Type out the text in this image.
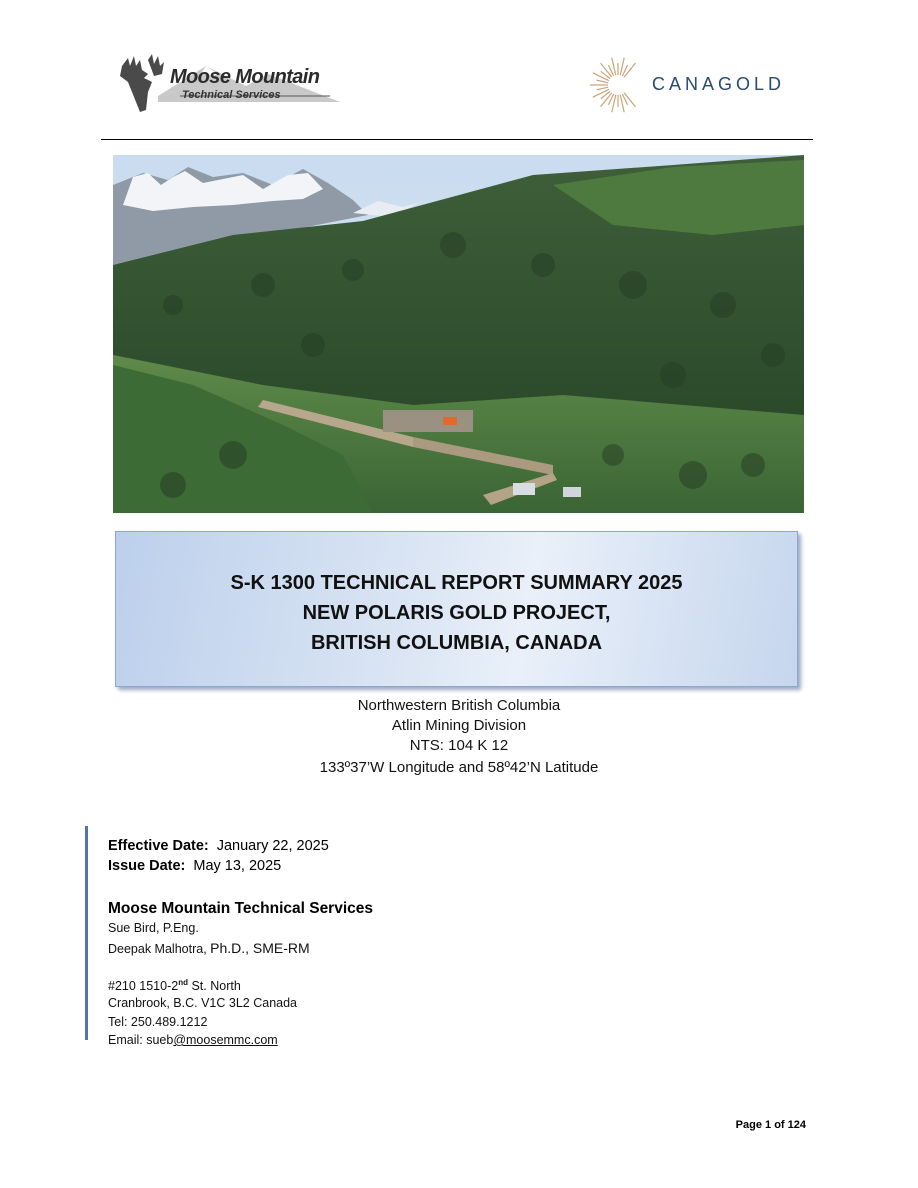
Moose Mountain
Technical Services
CANAGOLD
S-K 1300 TECHNICAL REPORT SUMMARY 2025
NEW POLARIS GOLD PROJECT,
BRITISH COLUMBIA, CANADA
Northwestern British Columbia
Atlin Mining Division
NTS: 104 K 12
133º37’W Longitude and 58º42’N Latitude
Effective Date: January 22, 2025
Issue Date: May 13, 2025
Moose Mountain Technical Services
Sue Bird, P.Eng.
Deepak Malhotra, Ph.D., SME-RM
#210 1510-2nd St. North
Cranbrook, B.C. V1C 3L2 Canada
Tel: 250.489.1212
Email: sueb@moosemmc.com
Page 1 of 124
